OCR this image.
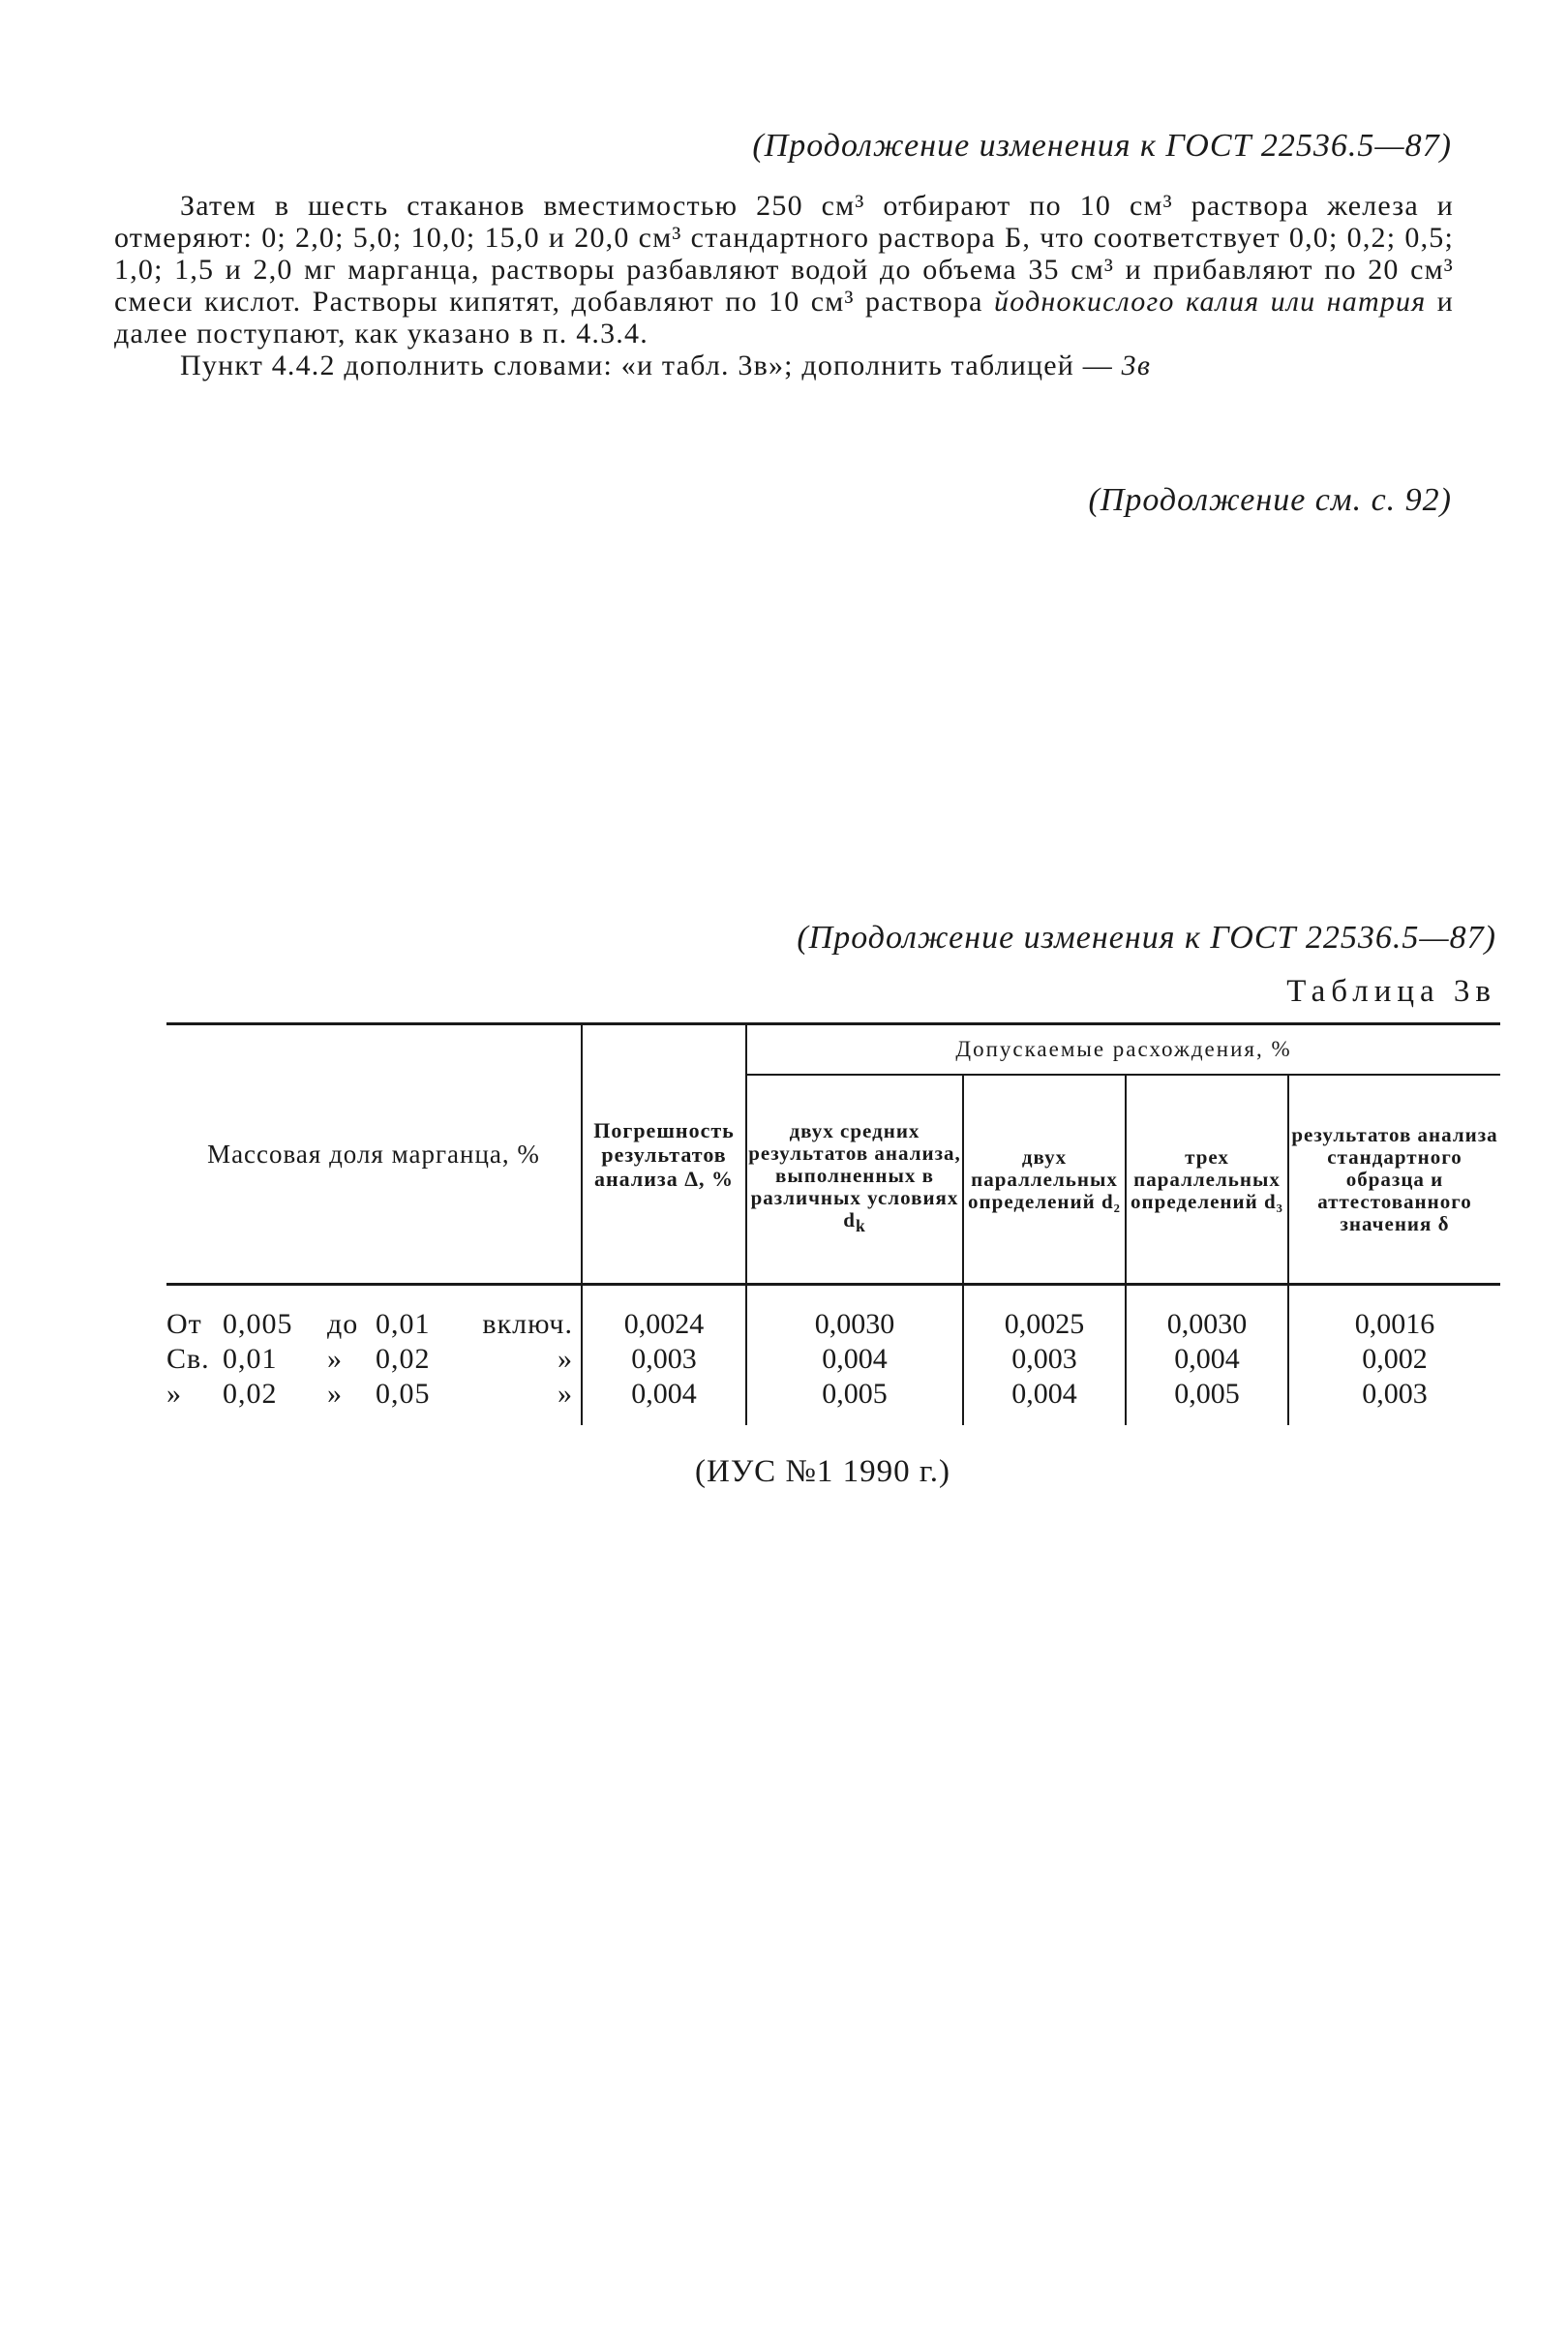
(Продолжение изменения к ГОСТ 22536.5—87)

Затем в шесть стаканов вместимостью 250 см³ отбирают по 10 см³ раствора железа и отмеряют: 0; 2,0; 5,0; 10,0; 15,0 и 20,0 см³ стандартного раствора Б, что соответствует 0,0; 0,2; 0,5; 1,0; 1,5 и 2,0 мг марганца, растворы разбавляют водой до объема 35 см³ и прибавляют по 20 см³ смеси кислот. Растворы кипятят, добавляют по 10 см³ раствора йоднокислого калия или натрия и далее поступают, как указано в п. 4.3.4.

Пункт 4.4.2 дополнить словами: «и табл. 3в»; дополнить таблицей — 3в

(Продолжение см. с. 92)
(Продолжение изменения к ГОСТ 22536.5—87)
Таблица 3в
Массовая доля марганца, %	Погрешность результатов анализа Δ, %	Допускаемые расхождения, %			
		двух средних результатов анализа, выполненных в различных условиях $d_k$	двух параллельных определений d₂	трех параллельных определений d₃	результатов анализа стандартного образца и аттестованного значения δ
От 0,005 до 0,01 включ.	0,0024	0,0030	0,0025	0,0030	0,0016
Св. 0,01 » 0,02 »	0,003	0,004	0,003	0,004	0,002
» 0,02 » 0,05 »	0,004	0,005	0,004	0,005	0,003
(ИУС №1 1990 г.)
